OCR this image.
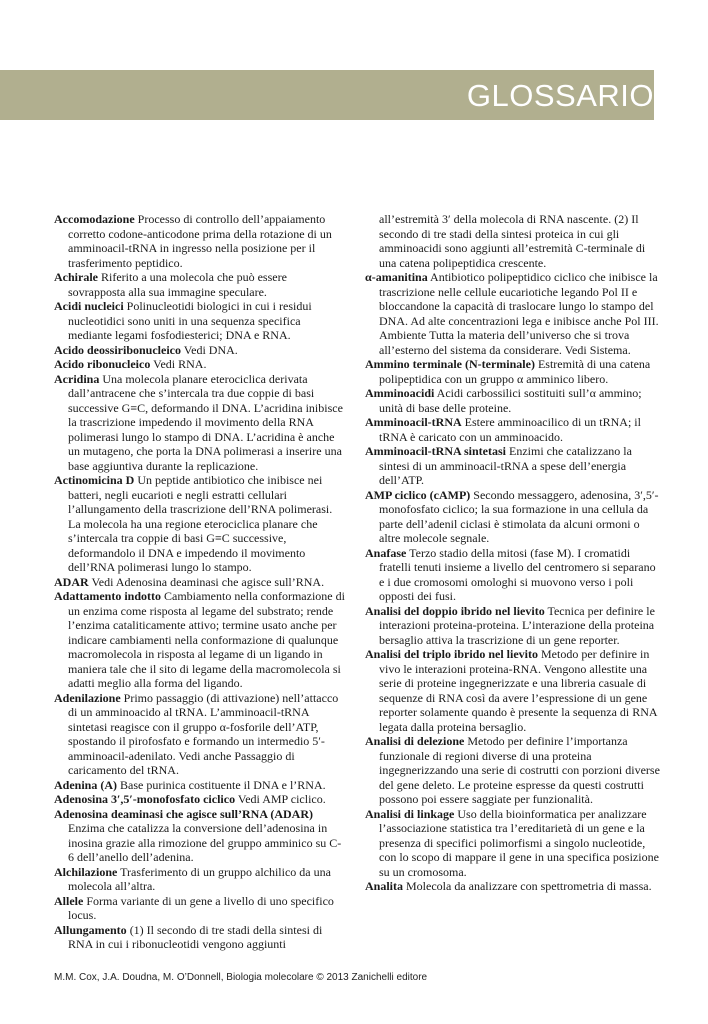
GLOSSARIO

Accomodazione Processo di controllo dell’appaiamento corretto codone-anticodone prima della rotazione di un amminoacil-tRNA in ingresso nella posizione per il trasferimento peptidico.

Achirale Riferito a una molecola che può essere sovrapposta alla sua immagine speculare.

Acidi nucleici Polinucleotidi biologici in cui i residui nucleotidici sono uniti in una sequenza specifica mediante legami fosfodiesterici; DNA e RNA.

Acido deossiribonucleico Vedi DNA.

Acido ribonucleico Vedi RNA.

Acridina Una molecola planare eterociclica derivata dall’antracene che s’intercala tra due coppie di basi successive G≡C, deformando il DNA. L’acridina inibisce la trascrizione impedendo il movimento della RNA polimerasi lungo lo stampo di DNA. L’acridina è anche un mutageno, che porta la DNA polimerasi a inserire una base aggiuntiva durante la replicazione.

Actinomicina D Un peptide antibiotico che inibisce nei batteri, negli eucarioti e negli estratti cellulari l’allungamento della trascrizione dell’RNA polimerasi. La molecola ha una regione eterociclica planare che s’intercala tra coppie di basi G≡C successive, deformandolo il DNA e impedendo il movimento dell’RNA polimerasi lungo lo stampo.

ADAR Vedi Adenosina deaminasi che agisce sull’RNA.

Adattamento indotto Cambiamento nella conformazione di un enzima come risposta al legame del substrato; rende l’enzima cataliticamente attivo; termine usato anche per indicare cambiamenti nella conformazione di qualunque macromolecola in risposta al legame di un ligando in maniera tale che il sito di legame della macromolecola si adatti meglio alla forma del ligando.

Adenilazione Primo passaggio (di attivazione) nell’attacco di un amminoacido al tRNA. L’amminoacil-tRNA sintetasi reagisce con il gruppo α-fosforile dell’ATP, spostando il pirofosfato e formando un intermedio 5′-amminoacil-adenilato. Vedi anche Passaggio di caricamento del tRNA.

Adenina (A) Base purinica costituente il DNA e l’RNA.

Adenosina 3′,5′-monofosfato ciclico Vedi AMP ciclico.

Adenosina deaminasi che agisce sull’RNA (ADAR) Enzima che catalizza la conversione dell’adenosina in inosina grazie alla rimozione del gruppo amminico su C-6 dell’anello dell’adenina.

Alchilazione Trasferimento di un gruppo alchilico da una molecola all’altra.

Allele Forma variante di un gene a livello di uno specifico locus.

Allungamento (1) Il secondo di tre stadi della sintesi di RNA in cui i ribonucleotidi vengono aggiunti

all’estremità 3′ della molecola di RNA nascente. (2) Il secondo di tre stadi della sintesi proteica in cui gli amminoacidi sono aggiunti all’estremità C-terminale di una catena polipeptidica crescente.

α-amanitina Antibiotico polipeptidico ciclico che inibisce la trascrizione nelle cellule eucariotiche legando Pol II e bloccandone la capacità di traslocare lungo lo stampo del DNA. Ad alte concentrazioni lega e inibisce anche Pol III. Ambiente Tutta la materia dell’universo che si trova all’esterno del sistema da considerare. Vedi Sistema.

Ammino terminale (N-terminale) Estremità di una catena polipeptidica con un gruppo α amminico libero.

Amminoacidi Acidi carbossilici sostituiti sull’α ammino; unità di base delle proteine.

Amminoacil-tRNA Estere amminoacilico di un tRNA; il tRNA è caricato con un amminoacido.

Amminoacil-tRNA sintetasi Enzimi che catalizzano la sintesi di un amminoacil-tRNA a spese dell’energia dell’ATP.

AMP ciclico (cAMP) Secondo messaggero, adenosina, 3′,5′-monofosfato ciclico; la sua formazione in una cellula da parte dell’adenil ciclasi è stimolata da alcuni ormoni o altre molecole segnale.

Anafase Terzo stadio della mitosi (fase M). I cromatidi fratelli tenuti insieme a livello del centromero si separano e i due cromosomi omologhi si muovono verso i poli opposti dei fusi.

Analisi del doppio ibrido nel lievito Tecnica per definire le interazioni proteina-proteina. L’interazione della proteina bersaglio attiva la trascrizione di un gene reporter.

Analisi del triplo ibrido nel lievito Metodo per definire in vivo le interazioni proteina-RNA. Vengono allestite una serie di proteine ingegnerizzate e una libreria casuale di sequenze di RNA così da avere l’espressione di un gene reporter solamente quando è presente la sequenza di RNA legata dalla proteina bersaglio.

Analisi di delezione Metodo per definire l’importanza funzionale di regioni diverse di una proteina ingegnerizzando una serie di costrutti con porzioni diverse del gene deleto. Le proteine espresse da questi costrutti possono poi essere saggiate per funzionalità.

Analisi di linkage Uso della bioinformatica per analizzare l’associazione statistica tra l’ereditarietà di un gene e la presenza di specifici polimorfismi a singolo nucleotide, con lo scopo di mappare il gene in una specifica posizione su un cromosoma.

Analita Molecola da analizzare con spettrometria di massa.

M.M. Cox, J.A. Doudna, M. O’Donnell, Biologia molecolare © 2013 Zanichelli editore
